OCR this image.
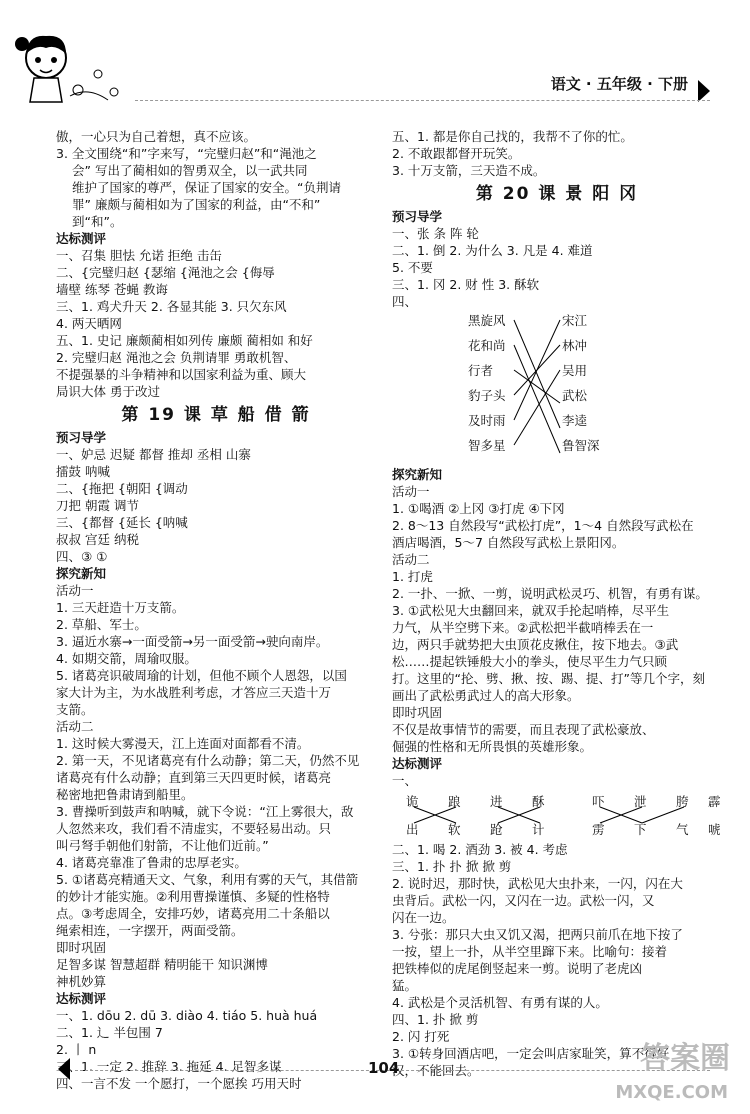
语文 · 五年级 · 下册
傲，一心只为自己着想，真不应该。
3. 全文围绕“和”字来写，“完璧归赵”和“渑池之
会” 写出了蔺相如的智勇双全，以一武共同
维护了国家的尊严，保证了国家的安全。“负荆请
罪” 廉颇与蔺相如为了国家的利益，由“不和”
到“和”。
达标测评
一、召集 胆怯 允诺 拒绝 击缶
二、{完璧归赵 {瑟缩 {渑池之会 {侮辱
墙壁 练琴 苍蝇 教诲
三、1. 鸡犬升天 2. 各显其能 3. 只欠东风
4. 两天晒网
五、1. 史记 廉颇蔺相如列传 廉颇 蔺相如 和好
2. 完璧归赵 渑池之会 负荆请罪 勇敢机智、
不提强暴的斗争精神和以国家利益为重、顾大
局识大体 勇于改过
第 19 课 草 船 借 箭
预习导学
一、妒忌 迟疑 都督 推却 丞相 山寨
擂鼓 呐喊
二、{拖把 {朝阳 {调动
刀把 朝霞 调节
三、{都督 {延长 {呐喊
叔叔 宫廷 纳税
四、③ ①
探究新知
活动一
1. 三天赶造十万支箭。
2. 草船、军士。
3. 逼近水寨→一面受箭→另一面受箭→驶向南岸。
4. 如期交箭，周瑜叹服。
5. 诸葛亮识破周瑜的计划，但他不顾个人恩怨，以国
家大计为主，为水战胜利考虑，才答应三天造十万
支箭。
活动二
1. 这时候大雾漫天，江上连面对面都看不清。
2. 第一天，不见诸葛亮有什么动静；第二天，仍然不见
诸葛亮有什么动静；直到第三天四更时候，诸葛亮
秘密地把鲁肃请到船里。
3. 曹操听到鼓声和呐喊，就下令说：“江上雾很大，敌
人忽然来攻，我们看不清虚实，不要轻易出动。只
叫弓弩手朝他们射箭，不让他们近前。”
4. 诸葛亮靠准了鲁肃的忠厚老实。
5. ①诸葛亮精通天文、气象，利用有雾的天气，其借箭
的妙计才能实施。②利用曹操谨慎、多疑的性格特
点。③考虑周全，安排巧妙，诸葛亮用二十条船以
绳索相连，一字摆开，两面受箭。
即时巩固
足智多谋 智慧超群 精明能干 知识渊博
神机妙算
达标测评
一、1. dōu 2. dū 3. diào 4. tiáo 5. huà huá
二、1. 辶 半包围 7
2. 丨 n
三、1. 一定 2. 推辞 3. 拖延 4. 足智多谋
四、一言不发 一个愿打，一个愿挨 巧用天时
五、1. 都是你自己找的，我帮不了你的忙。
2. 不敢跟都督开玩笑。
3. 十万支箭，三天造不成。
第 20 课 景 阳 冈
预习导学
一、张 条 阵 轮
二、1. 倒 2. 为什么 3. 凡是 4. 难道
5. 不要
三、1. 冈 2. 财 性 3. 酥软
四、
黑旋风
花和尚
行者
豹子头
及时雨
智多星
宋江
林冲
吴用
武松
李逵
鲁智深
探究新知
活动一
1. ①喝酒 ②上冈 ③打虎 ④下冈
2. 8～13 自然段写“武松打虎”，1～4 自然段写武松在
酒店喝酒，5～7 自然段写武松上景阳冈。
活动二
1. 打虎
2. 一扑、一掀、一剪，说明武松灵巧、机智，有勇有谋。
3. ①武松见大虫翻回来，就双手抡起哨棒，尽平生
力气，从半空劈下来。②武松把半截哨棒丢在一
边，两只手就势把大虫顶花皮揪住，按下地去。③武
松……提起铁锤般大小的拳头，使尽平生力气只顾
打。这里的“抡、劈、揪、按、踢、提、打”等几个字，刻
画出了武松勇武过人的高大形象。
即时巩固
不仅是故事情节的需要，而且表现了武松豪放、
倔强的性格和无所畏惧的英雄形象。
达标测评
一、
诡 踉 进 酥	吓 泄 胯 霹
出 软 跄 计	雳 下 气 唬
二、1. 喝 2. 酒劲 3. 被 4. 考虑
三、1. 扑 扑 掀 掀 剪
2. 说时迟，那时快，武松见大虫扑来，一闪，闪在大
虫背后。武松一闪，又闪在一边。武松一闪，又
闪在一边。
3. 兮张：那只大虫又饥又渴，把两只前爪在地下按了
一按，望上一扑，从半空里蹿下来。比喻句：接着
把铁棒似的虎尾倒竖起来一剪。说明了老虎凶
猛。
4. 武松是个灵活机智、有勇有谋的人。
四、1. 扑 掀 剪
2. 闪 打死
3. ①转身回酒店吧，一定会叫店家耻笑，算不得好
汉，不能回去。
104	答案圈
MXQE.COM
